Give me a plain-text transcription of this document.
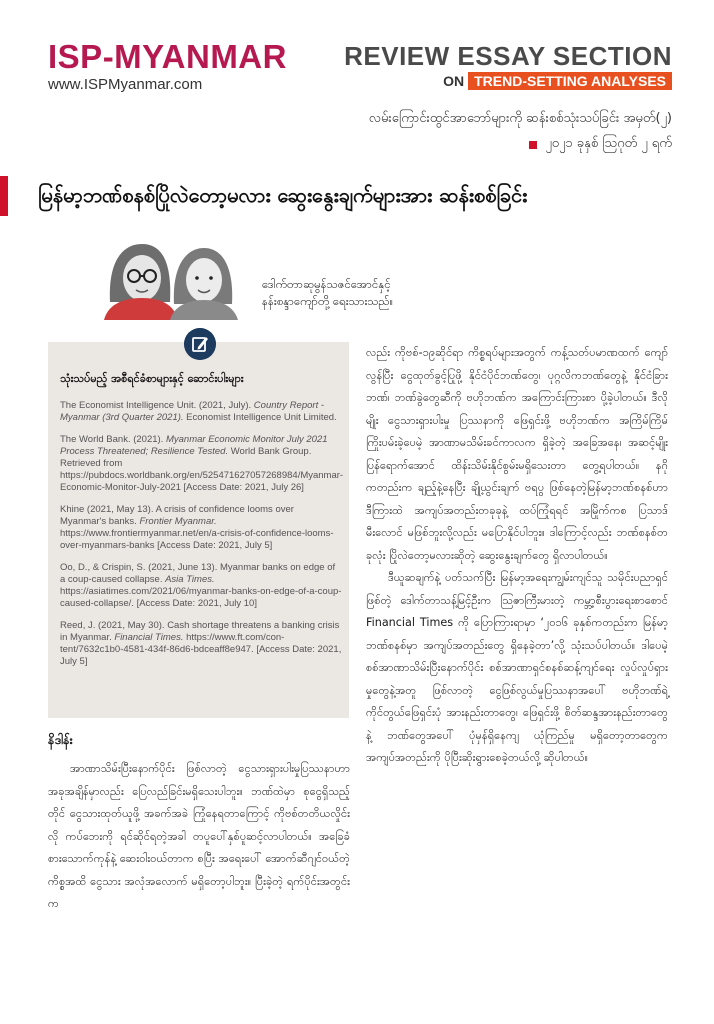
ISP-MYANMAR
www.ISPMyanmar.com
REVIEW ESSAY SECTION
ON TREND-SETTING ANALYSES
လမ်းကြောင်းထွင်အာဘော်များကို ဆန်းစစ်သုံးသပ်ခြင်း အမှတ်(၂)
၂၀၂၁ ခုနှစ် ဩဂုတ် ၂ ရက်
မြန်မာ့ဘဏ်စနစ်ပြိုလဲတော့မလား ဆွေးနွေးချက်များအား ဆန်းစစ်ခြင်း
ဒေါက်တာဆုမွန်သဇင်အောင်နှင့်
နန်းစန္ဒာကျော်တို့ ရေးသားသည်။
သုံးသပ်မည့် အစီရင်ခံစာများနှင့် ဆောင်းပါးများ
The Economist Intelligence Unit. (2021, July). Country Report - Myanmar (3rd Quarter 2021). Economist Intelligence Unit Limited.
The World Bank. (2021). Myanmar Economic Monitor July 2021 Process Threatened; Resilience Tested. World Bank Group. Retrieved from https://pubdocs.worldbank.org/en/525471627057268984/Myanmar-Economic-Monitor-July-2021 [Access Date: 2021, July 26]
Khine (2021, May 13). A crisis of confidence looms over Myanmar's banks. Frontier Myanmar. https://www.frontiermyanmar.net/en/a-crisis-of-confidence-looms-over-myanmars-banks [Access Date: 2021, July 5]
Oo, D., & Crispin, S. (2021, June 13). Myanmar banks on edge of a coup-caused collapse. Asia Times. https://asiatimes.com/2021/06/myanmar-banks-on-edge-of-a-coup-caused-collapse/. [Access Date: 2021, July 10]
Reed, J. (2021, May 30). Cash shortage threatens a banking crisis in Myanmar. Financial Times. https://www.ft.com/con-tent/7632c1b0-4581-434f-86d6-bdceaff8e947. [Access Date: 2021, July 5]
နိဒါန်း

အာဏာသိမ်းပြီးနောက်ပိုင်း ဖြစ်လာတဲ့ ငွေသားရှားပါးမှုပြဿနာဟာ အခုအချိန်မှာလည်း ပြေလည်ခြင်းမရှိသေးပါဘူး။ ဘဏ်ထဲမှာ စုငွေရှိသည့်တိုင် ငွေသားထုတ်ယူဖို့ အခက်အခဲ ကြုံနေရတာကြောင့် ကိုဗစ်တတိယလှိုင်းလို ကပ်ဘေးကို ရင်ဆိုင်ရတဲ့အခါ တပူပေါ်နှစ်ပူဆင့်လာပါတယ်။ အခြေခံစားသောက်ကုန်နဲ့ ဆေးဝါးဝယ်တာက စပြီး အရေးပေါ် အောက်ဆီဂျင်ဝယ်တဲ့ကိစ္စအထိ ငွေသား အလုံအလောက် မရှိတော့ပါဘူး။ ပြီးခဲ့တဲ့ ရက်ပိုင်းအတွင်းက

လည်း ကိုဗစ်-၁၉ဆိုင်ရာ ကိစ္စရပ်များအတွက် ကန့်သတ်ပမာဏထက် ကျော်လွန်ပြီး ငွေထုတ်ခွင့်ပြုဖို့ နိုင်ငံပိုင်ဘဏ်တွေ၊ ပုဂ္ဂလိကဘဏ်တွေနဲ့ နိုင်ငံခြားဘဏ်၊ ဘဏ်ခွဲတွေဆီကို ဗဟိုဘဏ်က အကြောင်းကြားစာ ပို့ခဲ့ပါတယ်။ ဒီလိုမျိုး ငွေသားရှားပါးမှု ပြဿနာကို ဖြေရှင်းဖို့ ဗဟိုဘဏ်က အကြိမ်ကြိမ်ကြိုးပမ်းခဲ့ပေမဲ့ အာဏာမသိမ်းခင်ကာလက ရှိခဲ့တဲ့ အခြေအနေ၊ အဆင့်မျိုး ပြန်ရောက်အောင် ထိန်းသိမ်းနိုင်စွမ်းမရှိသေးတာ တွေ့ရပါတယ်။ နဂိုကတည်းက ချည့်နဲ့နေပြီး ချို့ယွင်းချက် ဗရပွ ဖြစ်နေတဲ့မြန်မာ့ဘဏ်စနစ်ဟာ ဒီကြားထဲ အကျပ်အတည်းတခုခုနဲ့ ထပ်ကြုံရရင် အမြိုက်ကစ ပြသာဒ်မီးလောင် မဖြစ်ဘူးလို့လည်း မပြောနိုင်ပါဘူး။ ဒါကြောင့်လည်း ဘဏ်စနစ်တခုလုံး ပြိုလဲတော့မလားဆိုတဲ့ ဆွေးနွေးချက်တွေ ရှိလာပါတယ်။

ဒီယူဆချက်နဲ့ ပတ်သက်ပြီး မြန်မာ့အရေးကျွမ်းကျင်သူ သမိုင်းပညာရှင်ဖြစ်တဲ့ ဒေါက်တာသန့်မြင့်ဦးက ဩဇာကြီးမားတဲ့ ကမ္ဘာ့စီးပွားရေးစာစောင် Financial Times ကို ပြောကြားရာမှာ ‘၂၀၁၆ ခုနှစ်ကတည်းက မြန်မာ့ဘဏ်စနစ်မှာ အကျပ်အတည်းတွေ ရှိနေခဲ့တာ’လို့ သုံးသပ်ပါတယ်။ ဒါပေမဲ့ စစ်အာဏာသိမ်းပြီးနောက်ပိုင်း စစ်အာဏာရှင်စနစ်ဆန့်ကျင်ရေး လှုပ်လှုပ်ရှားမှုတွေနဲ့အတူ ဖြစ်လာတဲ့ ငွေဖြစ်လွယ်မှုပြဿနာအပေါ် ဗဟိုဘဏ်ရဲ့ ကိုင်တွယ်ဖြေရှင်းပုံ အားနည်းတာတွေ၊ ဖြေရှင်းဖို့ စိတ်ဆန္ဒအားနည်းတာတွေနဲ့ ဘဏ်တွေအပေါ် ပုံမှန်ရှိနေကျ ယုံကြည်မှု မရှိတော့တာတွေက အကျပ်အတည်းကို ပိုပြီးဆိုးရွားစေခဲ့တယ်လို့ ဆိုပါတယ်။
